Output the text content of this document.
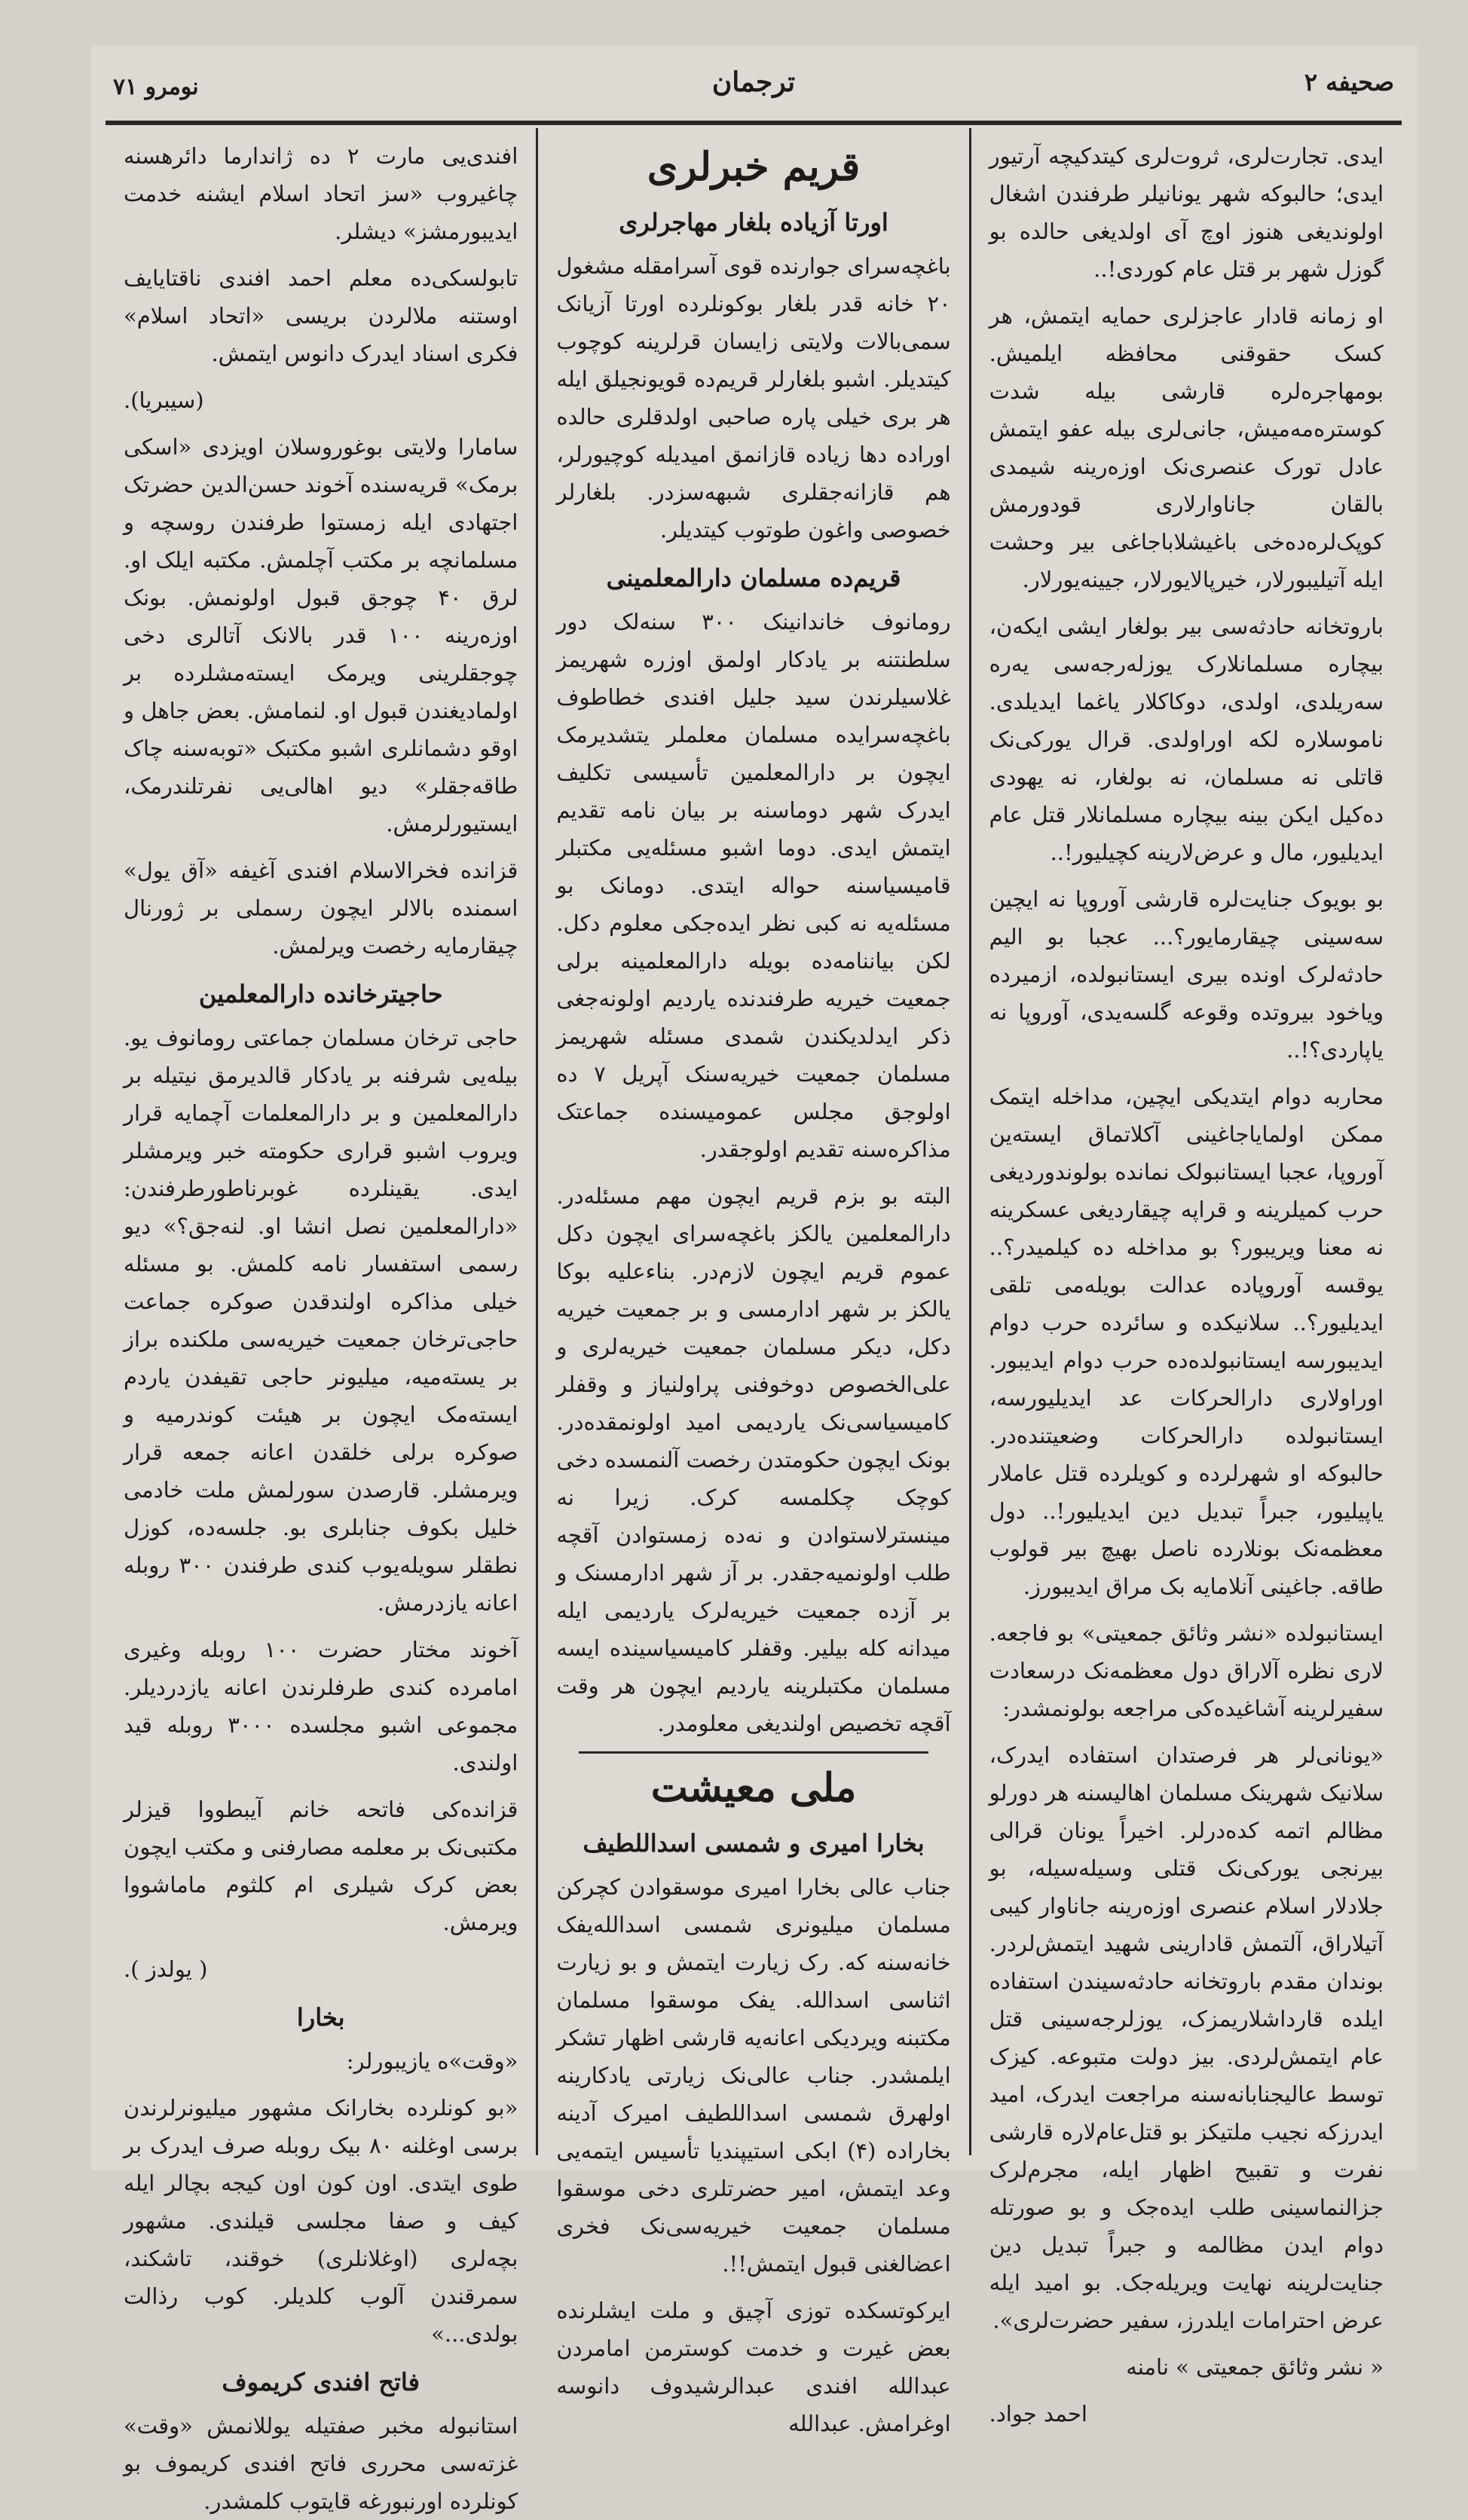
صحیفه ۲
ترجمان
نومرو ۷۱

ایدی. تجارت‌لری، ثروت‌لری کیتدکیچه آرتیور ایدی؛ حالبوکه شهر یونانیلر طرفندن اشغال اولوندیغی هنوز اوچ آی اولدیغی حالده بو گوزل شهر بر قتل عام کوردی!..

او زمانه قادار عاجزلری حمایه ایتمش، هر کسک حقوقنی محافظه ایلمیش. بومهاجره‌لره قارشی بیله شدت کوستره‌مه‌میش، جانی‌لری بیله عفو ایتمش عادل تورک عنصری‌نک اوزه‌رینه شیمدی بالقان جاناوارلاری قودورمش کوپک‌لره‌ده‌خی باغیشلاباجاغی بیر وحشت ایله آتیلیبورلار، خیرپالایورلار، جیینه‌یورلار.

باروتخانه حادثه‌سی بیر بولغار ایشی ایکه‌ن، بیچاره مسلمانلارک یوزله‌رجه‌سی یه‌ره سه‌ریلدی، اولدی، دوکاکلار یاغما ایدیلدی. ناموسلاره لکه اوراولدی. قرال یورکی‌نک قاتلی نه مسلمان، نه بولغار، نه یهودی ده‌کیل ایکن بینه بیچاره مسلمانلار قتل عام ایدیلیور، مال و عرض‌لارینه کچیلیور!..

بو بویوک جنایت‌لره قارشی آوروپا نه ایچین سه‌سینی چیقارمایور؟... عجبا بو الیم حادثه‌لرک اونده بیری ایستانبولده، ازمیرده‌ ویاخود بیروتده وقوعه گلسه‌یدی، آوروپا نه یاپاردی؟!..

محاربه دوام ایتدیکی ایچین، مداخله ایتمک ممکن اولمایاجاغینی آکلاتماق ایسته‌ین آوروپا، عجبا ایستانبولک نمانده بولوندوردیغی حرب کمیلرینه و قراپه چیقاردیغی عسکرینه نه معنا ویریبور؟ بو مداخله ده کیلمیدر؟.. یوقسه آوروپاده عدالت بویله‌می تلقی ایدیلیور؟.. سلانیکده و سائرده حرب دوام ایدیبورسه ایستانبولده‌ده حرب دوام ایدیبور. اوراولاری دارالحرکات عد ایدیلیورسه، ایستانبولده دارالحرکات وضعیتنده‌در. حالبوکه او شهرلرده و کویلرده قتل عاملار یاپیلیور، جبراً تبدیل دین ایدیلیور!.. دول معظمه‌نک بونلارده ناصل بهیچ بیر قولوب طاقه. جاغینی آنلامایه بک مراق ایدیبورز.

ایستانبولده «نشر وثائق جمعیتی» بو فاجعه. لاری نظره آلاراق دول معظمه‌نک درسعادت سفیرلرینه آشاغیده‌کی مراجعه بولونمشدر:

«یونانی‌لر هر فرصتدان استفاده ایدرک، سلانیک شهرینک مسلمان اهالیسنه هر دورلو مظالم اتمه کده‌درلر. اخیراً یونان قرالی بیرنجی یورکی‌نک قتلی وسیله‌سیله، بو جلادلار اسلام عنصری اوزه‌رینه جاناوار کیبی آتیلاراق، آلتمش قادارینی شهید ایتمش‌لردر. بوندان مقدم باروتخانه حادثه‌سیندن استفاده ایلده قارداشلاریمزک، یوزلرجه‌سینی قتل عام ایتمش‌لردی. بیز دولت متبوعه. کیزک توسط عالیجنابانه‌سنه مراجعت ایدرک، امید ایدرزکه نجیب ملتیکز بو قتل‌عام‌لاره قارشی نفرت و تقبیح اظهار ایله، مجرم‌لرک جزالنماسینی طلب ایده‌جک و بو صورتله دوام ایدن مظالمه و جبراً تبدیل دین جنایت‌لرینه نهایت ویریله‌جک. بو امید ایله عرض احترامات ایلدرز، سفیر حضرت‌لری».

« نشر وثائق جمعیتی » نامنه

احمد جواد.

قریم خبرلری
اورتا آزیاده بلغار مهاجرلری

باغچه‌سرای جوارنده قوی آسرامقله مشغول ۲۰ خانه قدر بلغار بوکونلرده اورتا آزیانک سمی‌بالات ولایتی زایسان قرلرینه کوچوب کیتدیلر. اشبو بلغارلر قریم‌ده قویونجیلق ایله هر بری خیلی پاره صاحبی اولدقلری حالده اوراده دها زیاده قازانمق امیدیله کوچیورلر، هم قازانه‌جقلری شبهه‌سزدر. بلغارلر خصوصی واغون طوتوب کیتدیلر.

قریم‌ده مسلمان دارالمعلمینی

رومانوف خاندانینک ۳۰۰ سنه‌لک دور سلطنتنه بر یادکار اولمق اوزره شهریمز غلاسیلرندن سید جلیل افندی خطاطوف باغچه‌سرایده مسلمان معلملر یتشدیرمک ایچون بر دارالمعلمین تأسیسی تکلیف ایدرک شهر دوماسنه بر بیان نامه تقدیم ایتمش ایدی. دوما اشبو مسئله‌یی مکتبلر قامیسیاسنه حواله ایتدی. دومانک بو مسئله‌یه نه کبی نظر ایده‌جکی معلوم دکل. لکن بیاننامه‌ده بویله دارالمعلمینه برلی جمعیت خیریه طرفندنده یاردیم اولونه‌جغی ذکر ایدلدیکندن شمدی مسئله شهریمز مسلمان جمعیت خیریه‌سنک آپریل ۷ ده اولوجق مجلس عمومیسنده جماعتک مذاکره‌سنه تقدیم اولوجقدر.

البته بو بزم قریم ایچون مهم مسئله‌در. دارالمعلمین یالکز باغچه‌سرای ایچون دکل عموم قریم ایچون لازم‌در. بناءعلیه بوکا یالکز بر شهر ادارمسی و بر جمعیت خیریه دکل، دیکر مسلمان جمعیت خیریه‌لری و علی‌الخصوص دوخوفنی پراولنیاز و وقفلر کامیسیاسی‌نک یاردیمی امید اولونمقده‌در. بونک ایچون حکومتدن رخصت آلنمسده دخی کوچک چکلمسه کرک. زیرا نه مینسترلاستوادن و نه‌ده زمستوادن آقچه طلب اولونمیه‌جقدر. بر آز شهر ادارمسنک و بر آزده جمعیت خیریه‌لرک یاردیمی ایله میدانه کله بیلیر. وقفلر کامیسیاسینده ایسه مسلمان مکتبلرینه یاردیم ایچون هر وقت آقچه تخصیص اولندیغی معلومدر.

ملی معیشت
بخارا امیری و شمسی اسداللطیف

جناب عالی بخارا امیری موسقوادن کچرکن مسلمان میلیونری شمسی اسدالله‌یفک خانه‌سنه که. رک زیارت ایتمش و بو زیارت اثناسی اسدالله. یفک موسقوا مسلمان مکتبنه ویردیکی اعانه‌یه قارشی اظهار تشکر ایلمشدر. جناب عالی‌نک زیارتی یادکارینه اولهرق شمسی اسداللطیف امیرک آدینه بخاراده (۴) ابکی استیپندیا تأسیس ایتمه‌یی وعد ایتمش، امیر حضرتلری دخی موسقوا مسلمان جمعیت خیریه‌سی‌نک فخری اعضالغنی قبول ایتمش!!.

ایرکوتسکده توزی آچیق و ملت ایشلرنده بعض غیرت و خدمت کوسترمن امامردن عبدالله افندی عبدالرشیدوف دانوسه اوغرامش. عبدالله

افندی‌یی مارت ۲ ده ژاندارما دائرهسنه چاغیروب «سز اتحاد اسلام ایشنه خدمت ایدیبورمشز» دیشلر.

تابولسکی‌ده معلم احمد افندی ناقتایایف اوستنه ملالردن بریسی «اتحاد اسلام» فکری اسناد ایدرک دانوس ایتمش.

(سیبریا).

سامارا ولایتی بوغوروسلان اویزدی «اسکی برمک» قریه‌سنده آخوند حسن‌الدین حضرتک اجتهادی ایله زمستوا طرفندن روسچه و مسلمانچه بر مکتب آچلمش. مکتبه ایلک او. لرق ۴۰ چوجق قبول اولونمش. بونک اوزه‌رینه ۱۰۰ قدر بالانک آتالری دخی چوجقلرینی ویرمک ایسته‌مشلرده بر اولمادیغندن قبول او. لنمامش. بعض جاهل و اوقو دشمانلری اشبو مکتبک «توبه‌سنه چاک طاقه‌جقلر» دیو اهالی‌یی نفرتلندرمک، ایستیورلرمش.

قزانده فخرالاسلام افندی آغیفه «آق یول» اسمنده بالالر ایچون رسملی بر ژورنال چیقارمایه رخصت ویرلمش.

حاجیترخانده دارالمعلمین

حاجی ترخان مسلمان جماعتی رومانوف یو. بیله‌یی شرفنه بر یادکار قالدیرمق نیتیله بر دارالمعلمین و بر دارالمعلمات آچمایه قرار ویروب اشبو قراری حکومته خبر ویرمشلر ایدی. یقینلرده غوبرناطورطرفندن: «دارالمعلمین نصل انشا او. لنه‌جق؟» دیو رسمی استفسار نامه کلمش. بو مسئله خیلی مذاکره اولندقدن صوکره جماعت حاجی‌ترخان جمعیت خیریه‌سی ملکنده براز بر یسته‌میه، میلیونر حاجی تقیفدن یاردم ایسته‌مک ایچون بر هیئت کوندرمیه و صوکره برلی خلقدن اعانه جمعه قرار ویرمشلر. قارصدن سورلمش ملت خادمی خلیل بکوف جنابلری بو. جلسه‌ده، کوزل نطقلر سویله‌یوب کندی طرفندن ۳۰۰ روبله اعانه یازدرمش.

آخوند مختار حضرت ۱۰۰ روبله وغیری امامرده کندی طرفلرندن اعانه یازدردیلر. مجموعی اشبو مجلسده ۳۰۰۰ روبله قید اولندی.

قزانده‌کی فاتحه خانم آیبطووا قیزلر مکتبی‌نک بر معلمه مصارفنی و مکتب ایچون بعض کرک شیلری ام کلثوم ماماشووا ویرمش.

( یولدز ).

بخارا

«وقت»ه یازیبورلر:

«بو کونلرده بخارانک مشهور میلیونرلرندن برسی اوغلنه ۸۰ بیک روبله صرف ایدرک بر طوی ایتدی. اون کون اون کیجه بچالر ایله کیف و صفا مجلسی قیلندی. مشهور بچه‌لری (اوغلانلری) خوقند، تاشکند، سمرقندن آلوب کلدیلر. کوب رذالت بولدی...»

فاتح افندی کریموف

استانبوله مخبر صفتیله یوللانمش «وقت» غزته‌سی محرری فاتح افندی کریموف بو کونلرده اورنبورغه قایتوب کلمشدر.
